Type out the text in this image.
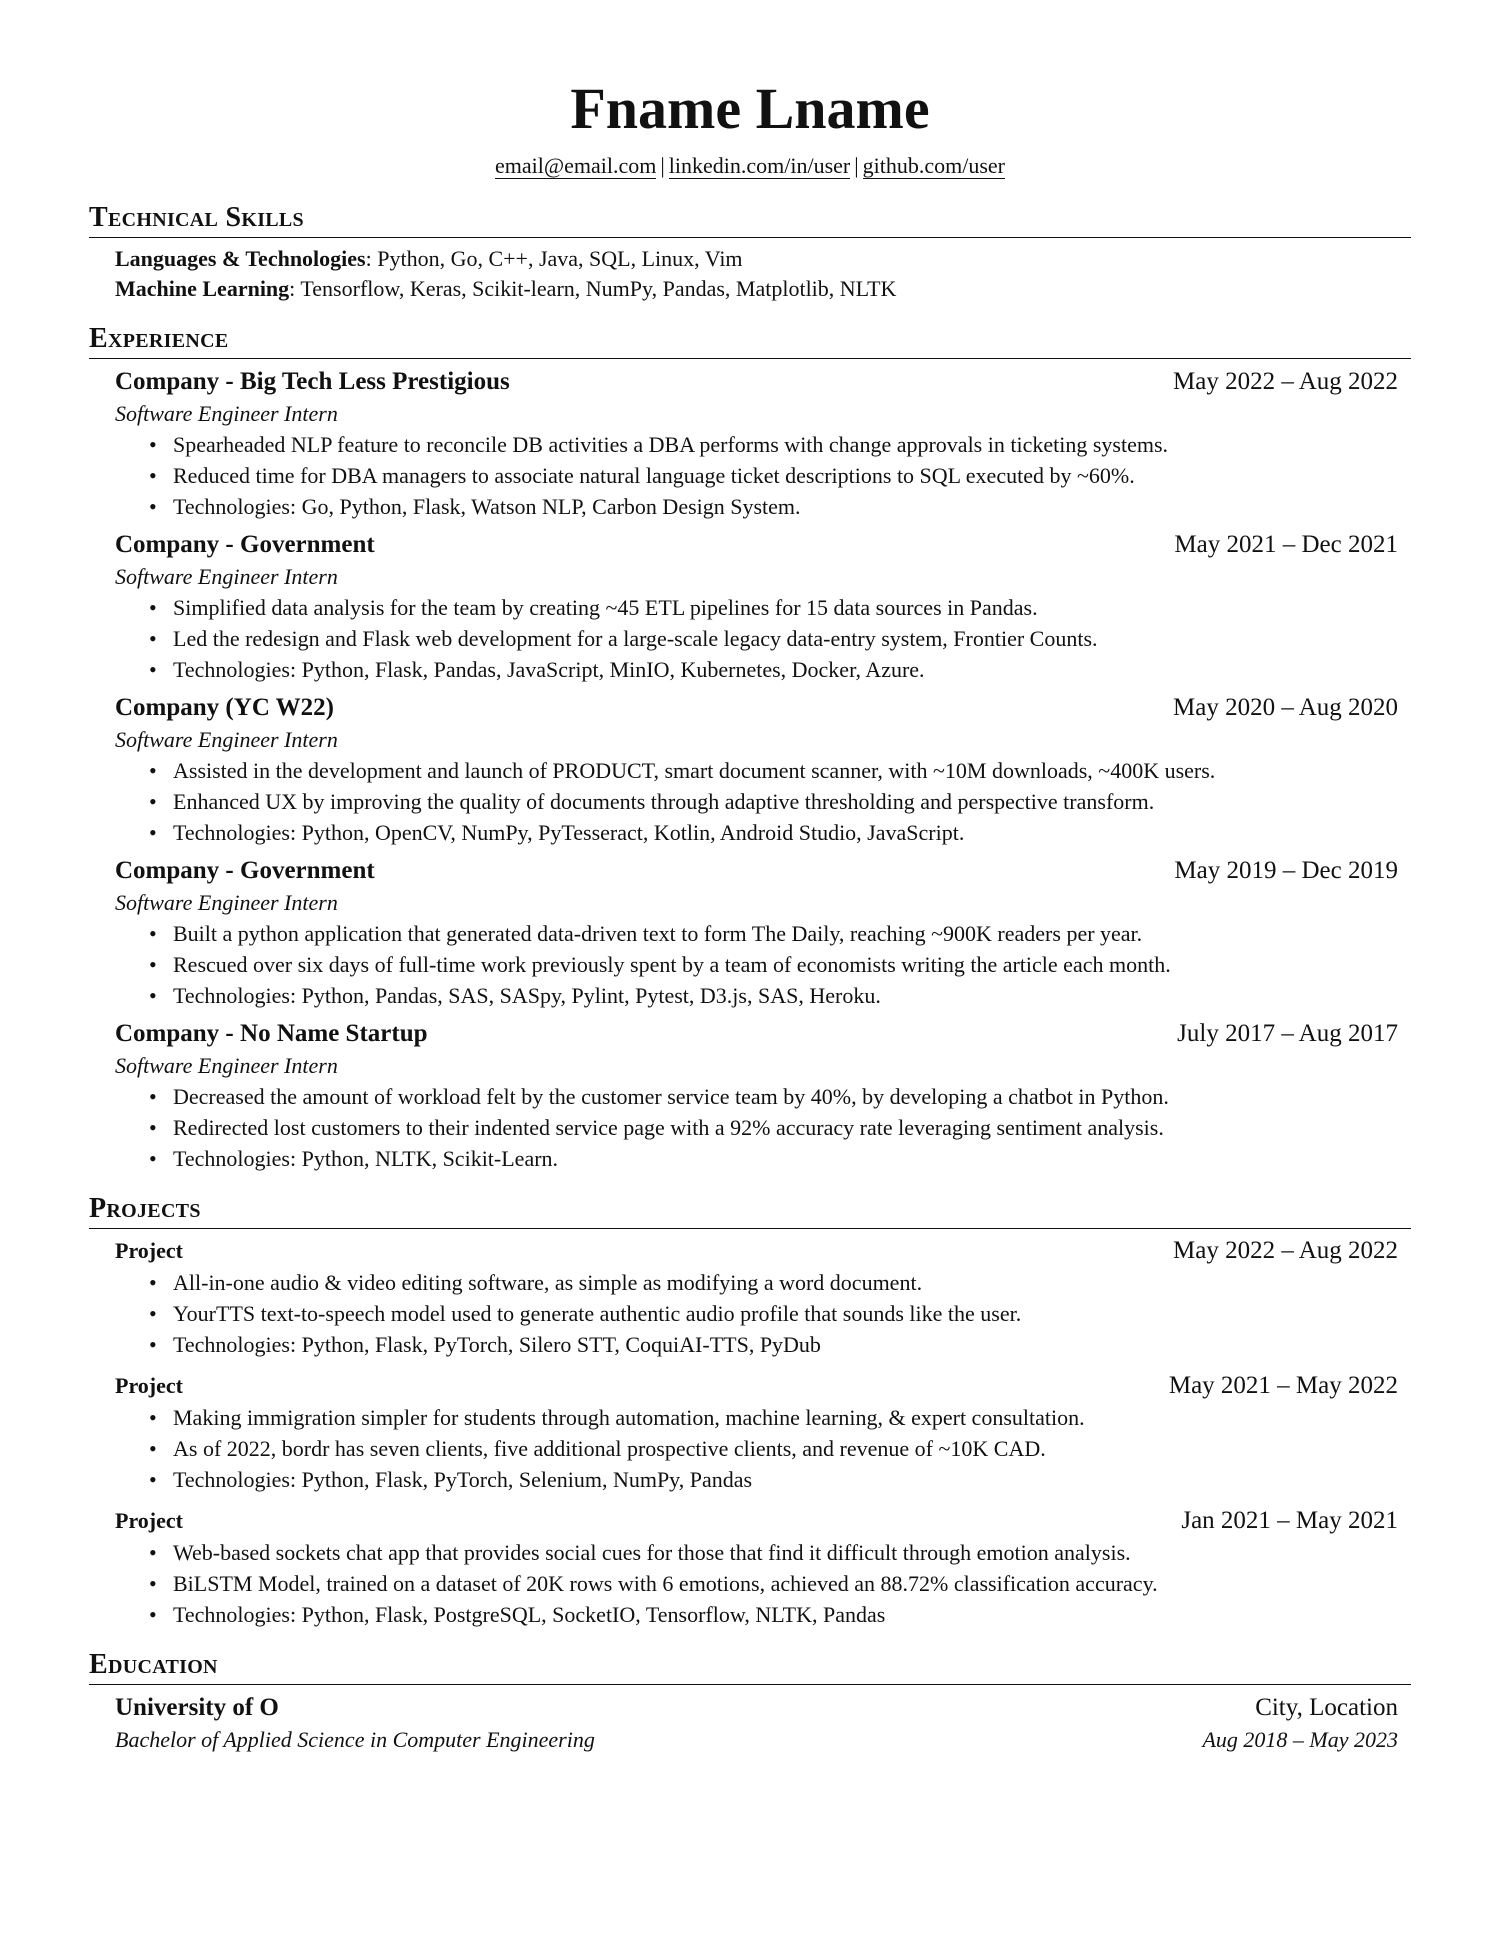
Fname Lname
email@email.com | linkedin.com/in/user | github.com/user
Technical Skills
Languages & Technologies: Python, Go, C++, Java, SQL, Linux, Vim
Machine Learning: Tensorflow, Keras, Scikit-learn, NumPy, Pandas, Matplotlib, NLTK
Experience
Company - Big Tech Less Prestigious	May 2022 – Aug 2022
Software Engineer Intern
• Spearheaded NLP feature to reconcile DB activities a DBA performs with change approvals in ticketing systems.
• Reduced time for DBA managers to associate natural language ticket descriptions to SQL executed by ~60%.
• Technologies: Go, Python, Flask, Watson NLP, Carbon Design System.
Company - Government	May 2021 – Dec 2021
Software Engineer Intern
• Simplified data analysis for the team by creating ~45 ETL pipelines for 15 data sources in Pandas.
• Led the redesign and Flask web development for a large-scale legacy data-entry system, Frontier Counts.
• Technologies: Python, Flask, Pandas, JavaScript, MinIO, Kubernetes, Docker, Azure.
Company (YC W22)	May 2020 – Aug 2020
Software Engineer Intern
• Assisted in the development and launch of PRODUCT, smart document scanner, with ~10M downloads, ~400K users.
• Enhanced UX by improving the quality of documents through adaptive thresholding and perspective transform.
• Technologies: Python, OpenCV, NumPy, PyTesseract, Kotlin, Android Studio, JavaScript.
Company - Government	May 2019 – Dec 2019
Software Engineer Intern
• Built a python application that generated data-driven text to form The Daily, reaching ~900K readers per year.
• Rescued over six days of full-time work previously spent by a team of economists writing the article each month.
• Technologies: Python, Pandas, SAS, SASpy, Pylint, Pytest, D3.js, SAS, Heroku.
Company - No Name Startup	July 2017 – Aug 2017
Software Engineer Intern
• Decreased the amount of workload felt by the customer service team by 40%, by developing a chatbot in Python.
• Redirected lost customers to their indented service page with a 92% accuracy rate leveraging sentiment analysis.
• Technologies: Python, NLTK, Scikit-Learn.
Projects
Project	May 2022 – Aug 2022
• All-in-one audio & video editing software, as simple as modifying a word document.
• YourTTS text-to-speech model used to generate authentic audio profile that sounds like the user.
• Technologies: Python, Flask, PyTorch, Silero STT, CoquiAI-TTS, PyDub
Project	May 2021 – May 2022
• Making immigration simpler for students through automation, machine learning, & expert consultation.
• As of 2022, bordr has seven clients, five additional prospective clients, and revenue of ~10K CAD.
• Technologies: Python, Flask, PyTorch, Selenium, NumPy, Pandas
Project	Jan 2021 – May 2021
• Web-based sockets chat app that provides social cues for those that find it difficult through emotion analysis.
• BiLSTM Model, trained on a dataset of 20K rows with 6 emotions, achieved an 88.72% classification accuracy.
• Technologies: Python, Flask, PostgreSQL, SocketIO, Tensorflow, NLTK, Pandas
Education
University of O	City, Location
Bachelor of Applied Science in Computer Engineering	Aug 2018 – May 2023
